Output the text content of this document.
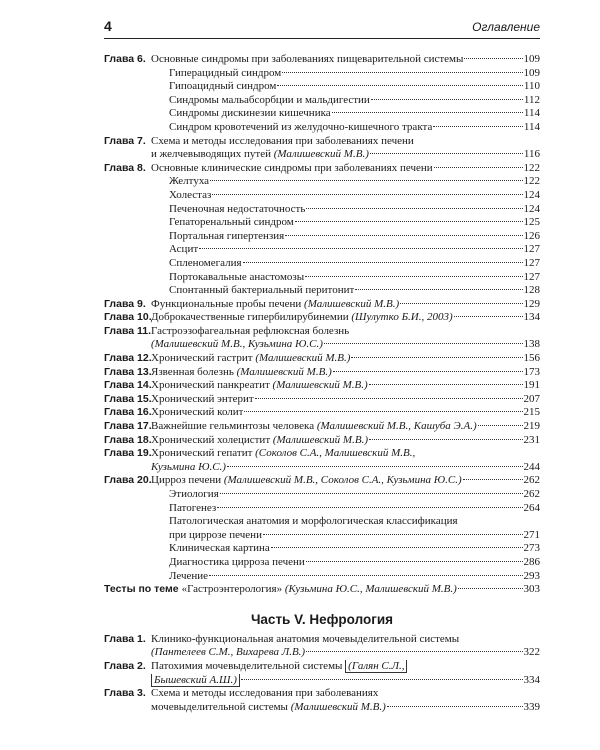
4	Оглавление
Глава 6. Основные синдромы при заболеваниях пищеварительной системы	109
Гиперацидный синдром	109
Гипоацидный синдром	110
Синдромы мальабсорбции и мальдигестии	112
Синдромы дискинезии кишечника	114
Синдром кровотечений из желудочно-кишечного тракта	114
Глава 7. Схема и методы исследования при заболеваниях печени
и желчевыводящих путей (Малишевский М.В.)	116
Глава 8. Основные клинические синдромы при заболеваниях печени	122
Желтуха	122
Холестаз	124
Печеночная недостаточность	124
Гепаторенальный синдром	125
Портальная гипертензия	126
Асцит	127
Спленомегалия	127
Портокавальные анастомозы	127
Спонтанный бактериальный перитонит	128
Глава 9. Функциональные пробы печени (Малишевский М.В.)	129
Глава 10. Доброкачественные гипербилирубинемии (Шулутко Б.И., 2003)	134
Глава 11. Гастроэзофагеальная рефлюксная болезнь
(Малишевский М.В., Кузьмина Ю.С.)	138
Глава 12. Хронический гастрит (Малишевский М.В.)	156
Глава 13. Язвенная болезнь (Малишевский М.В.)	173
Глава 14. Хронический панкреатит (Малишевский М.В.)	191
Глава 15. Хронический энтерит	207
Глава 16. Хронический колит	215
Глава 17. Важнейшие гельминтозы человека (Малишевский М.В., Кашуба Э.А.)	219
Глава 18. Хронический холецистит (Малишевский М.В.)	231
Глава 19. Хронический гепатит (Соколов С.А., Малишевский М.В.,
Кузьмина Ю.С.)	244
Глава 20. Цирроз печени (Малишевский М.В., Соколов С.А., Кузьмина Ю.С.)	262
Этиология	262
Патогенез	264
Патологическая анатомия и морфологическая классификация
при циррозе печени	271
Клиническая картина	273
Диагностика цирроза печени	286
Лечение	293
Тесты по теме «Гастроэнтерология» (Кузьмина Ю.С., Малишевский М.В.)	303
Часть V. Нефрология
Глава 1. Клинико-функциональная анатомия мочевыделительной системы
(Пантелеев С.М., Вихарева Л.В.)	322
Глава 2. Патохимия мочевыделительной системы (Галян С.Л.,
Бышевский А.Ш.)	334
Глава 3. Схема и методы исследования при заболеваниях
мочевыделительной системы (Малишевский М.В.)	339
